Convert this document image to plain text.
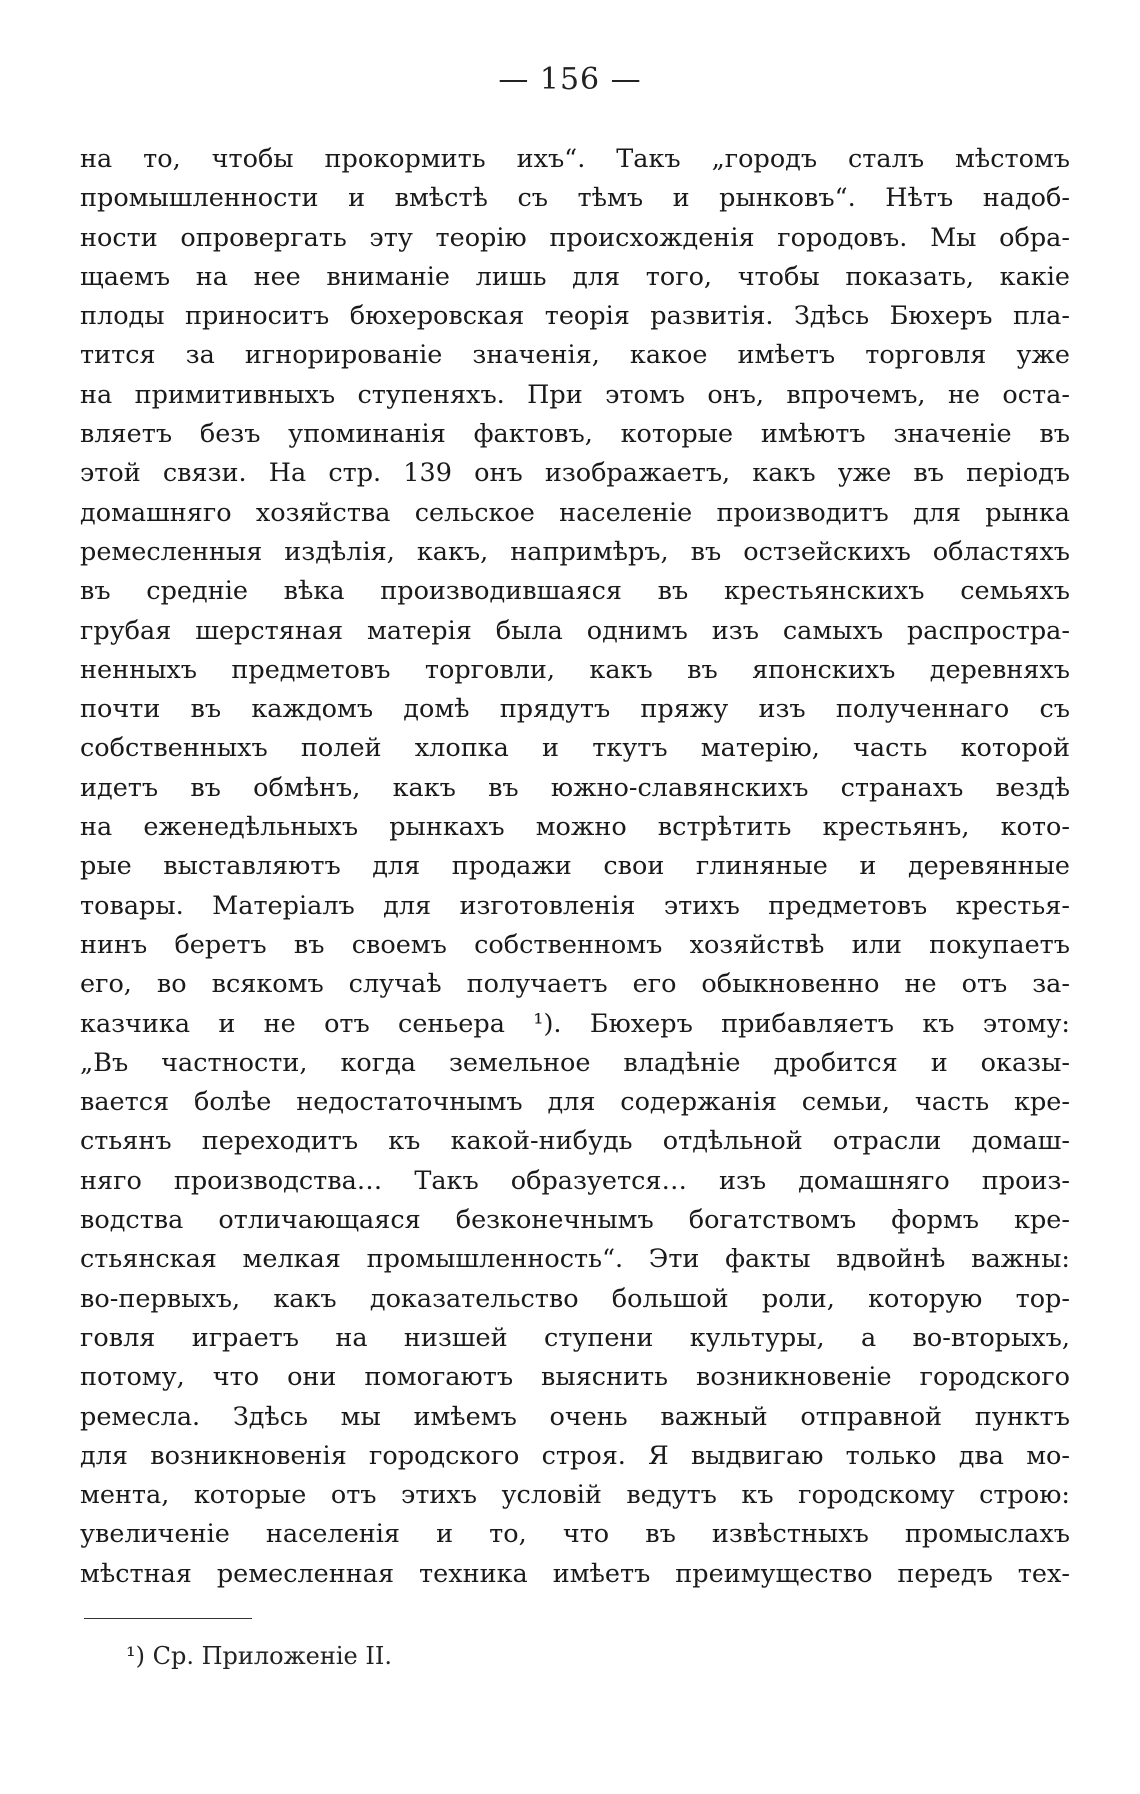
— 156 —
на то, чтобы прокормить ихъ“. Такъ „городъ сталъ мѣстомъ
промышленности и вмѣстѣ съ тѣмъ и рынковъ“. Нѣтъ надоб-
ности опровергать эту теорію происхожденія городовъ. Мы обра-
щаемъ на нее вниманіе лишь для того, чтобы показать, какіе
плоды приноситъ бюхеровская теорія развитія. Здѣсь Бюхеръ пла-
тится за игнорированіе значенія, какое имѣетъ торговля уже
на примитивныхъ ступеняхъ. При этомъ онъ, впрочемъ, не оста-
вляетъ безъ упоминанія фактовъ, которые имѣютъ значеніе въ
этой связи. На стр. 139 онъ изображаетъ, какъ уже въ періодъ
домашняго хозяйства сельское населеніе производитъ для рынка
ремесленныя издѣлія, какъ, напримѣръ, въ остзейскихъ областяхъ
въ средніе вѣка производившаяся въ крестьянскихъ семьяхъ
грубая шерстяная матерія была однимъ изъ самыхъ распростра-
ненныхъ предметовъ торговли, какъ въ японскихъ деревняхъ
почти въ каждомъ домѣ прядутъ пряжу изъ полученнаго съ
собственныхъ полей хлопка и ткутъ матерію, часть которой
идетъ въ обмѣнъ, какъ въ южно-славянскихъ странахъ вездѣ
на еженедѣльныхъ рынкахъ можно встрѣтить крестьянъ, кото-
рые выставляютъ для продажи свои глиняные и деревянные
товары. Матеріалъ для изготовленія этихъ предметовъ крестья-
нинъ беретъ въ своемъ собственномъ хозяйствѣ или покупаетъ
его, во всякомъ случаѣ получаетъ его обыкновенно не отъ за-
казчика и не отъ сеньера ¹). Бюхеръ прибавляетъ къ этому:
„Въ частности, когда земельное владѣніе дробится и оказы-
вается болѣе недостаточнымъ для содержанія семьи, часть кре-
стьянъ переходитъ къ какой-нибудь отдѣльной отрасли домаш-
няго производства… Такъ образуется… изъ домашняго произ-
водства отличающаяся безконечнымъ богатствомъ формъ кре-
стьянская мелкая промышленность“. Эти факты вдвойнѣ важны:
во-первыхъ, какъ доказательство большой роли, которую тор-
говля играетъ на низшей ступени культуры, а во-вторыхъ,
потому, что они помогаютъ выяснить возникновеніе городского
ремесла. Здѣсь мы имѣемъ очень важный отправной пунктъ
для возникновенія городского строя. Я выдвигаю только два мо-
мента, которые отъ этихъ условій ведутъ къ городскому строю:
увеличеніе населенія и то, что въ извѣстныхъ промыслахъ
мѣстная ремесленная техника имѣетъ преимущество передъ тех-
¹) Ср. Приложеніе II.
